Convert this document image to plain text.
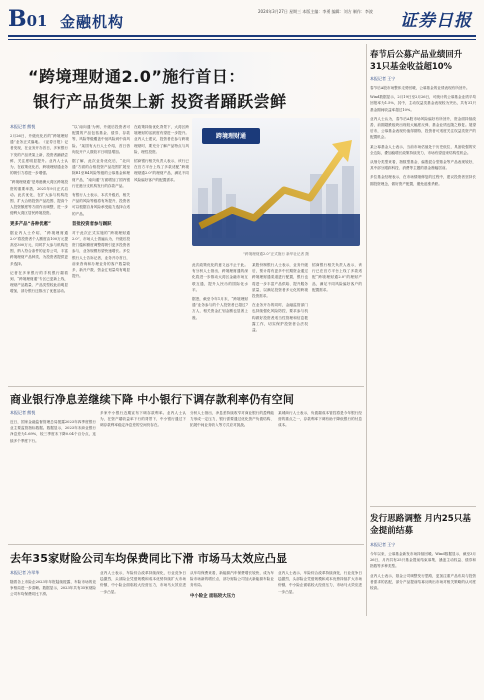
B01 金融机构
2024年3月27日 星期三 本版主编：李勇 编辑：刘方 制作：李波 证券日报
“跨境理财通2.0”施行首日：
银行产品货架上新 投资者踊跃尝鲜
本报记者 熊悦
2月26日，升级优化后的“跨境理财通”业务正式落地。《证券日报》记者发现，在业务开办首日，多家银行下发的产品货架上新，投资者踊跃尝鲜，关注度明显提升。业内人士认为，在政策优化后，跨境理财通业务的吸引力将进一步增强。
“跨境理财通”是粤港澳大湾区跨境投资的重要举措，2021年9月正式启动。此次优化，在扩大参与机构范围、扩大合格投资产品范围、提高个人投资额度等方面作出调整，进一步便利大湾区居民跨境投资。
更多产品“各种优惠”
据业内人士介绍，“跨境理财通2.0”将投资者个人额度由100万元提高至300万元，同时扩大参与机构范围，纳入符合条件的证券公司，丰富跨境理财产品种类，为投资者提供更多选择。
记者在多家银行的手机银行端看到，“跨境理财通”专区已更新上线，理财产品数量、产品类型较此前明显增加，部分银行还推出了优惠活动。
“以‘南向通’为例，升级后投资者可配置的产品包括基金、债券、存款等，风险等级覆盖中低风险到中高风险。”某国有大行人士介绍，首日咨询及开户人数较平日明显增加。
据了解，此次业务优化后，“北向通”方面的合格投资产品范围扩展至除R1至R4风险等级的公募基金和理财产品，“南向通”方面增加了国内银行在港分支机构发行的存款产品。
有银行人士表示，本次升级后，相关产品的风险等级将有所提升，投资者可以根据自身风险承受能力选择合适的产品。
首批投资者参与踊跃
对于此次正式实施的“跨境理财通2.0”，市场人士普遍认为，升级后投资门槛和额度调整将吸引更多投资者参与，业务规模有望快速增长。多位银行人士告诉记者，业务开办首日，前来咨询和办理业务的客户数量较多，新开户数、资金汇划量均有明显提升。
在政策持续优化背景下，大湾区跨境理财的活跃度有望进一步提升。业内人士建议，投资者在参与跨境理财时，要充分了解产品特点与风险，理性投资。
招商银行相关负责人表示，该行已在官方平台上线了多款适配“跨境理财通2.0”的理财产品，满足不同风险偏好客户的配置需求。
跨境理财通
“跨境理财通2.0”正式施行 新华社记者 摄
此次政策优化的意义远不止于此。有分析人士指出，跨境理财通的深化将进一步推动大湾区金融市场互联互通，提升人民币的国际化水平。
据悉，截至今年1月末，“跨境理财通”业务参与的个人投资者已超过7万人，相关资金汇划金额也显著上涨。
某股份制银行人士表示，业务升级后，预计将有更多中长期资金通过跨境理财通渠道进行配置，银行也将进一步丰富产品供给、提升服务质量，以满足投资者多元化的跨境投资需求。
在业务开办的同时，金融监管部门也持续强化风险防控，要求参与机构做好投资者适当性管理和信息披露工作，切实保护投资者合法权益。
招商银行相关负责人表示，该行已在官方平台上线了多款适配“跨境理财通2.0”的理财产品，满足不同风险偏好客户的配置需求。
春节后公募产品业绩回升 31只基金收益超10%
本报记者 王宁
春节后A股市场整体走势回暖，公募基金的业绩表现有所回升。
Wind数据显示，2月19日至2月26日，可统计的公募基金业绩平均回报率为1.5%，其中，主动权益类基金表现较为突出，共有31只基金期间收益率超过10%。
业内人士认为，春节后A股市场风险偏好有所回升，资金面持续改善，前期超跌板块出现较大幅度反弹，基金业绩也随之修复。展望后市，公募基金表现仍值得期待，投资者可适度关注权益类资产的配置机会。
某公募基金人士表示，当前市场估值处于历史低位，具备较强的安全边际，叠加稳增长政策持续发力，市场有望迎来结构性机会。
从细分类型来看，指数型基金、偏股混合型基金等产品表现较好，其中部分跟踪科技、消费等主题的基金涨幅居前。
多位基金经理表示，在市场情绪修复的过程中，建议投资者坚持长期投资理念，做好资产配置，避免追涨杀跌。
发行思路调整 月内25只基金提前结募
本报记者 王宁
今年以来，公募基金新发市场持续回暖。Wind数据显示，截至3月26日，月内共有25只基金提前结束募集，涵盖主动权益、债券和指数等多种类型。
业内人士表示，基金公司调整发行思路，更加注重产品布局与投资者需求的匹配，部分产品提前结募反映出市场对相关策略的认可度较高。
商业银行净息差继续下降 中小银行下调存款利率仍有空间
本报记者 熊悦
近日，国家金融监督管理总局披露2023年四季度银行业主要监管指标数据。数据显示，2023年末商业银行净息差为1.69%，较三季度末下降0.04个百分点，连续多个季度下行。
多家中小银行近期宣布下调存款利率。业内人士认为，在资产端收益率下行的背景下，中小银行通过下调存款利率稳定净息差的空间仍存在。
分析人士指出，净息差持续收窄对商业银行的盈利能力形成一定压力，银行需要通过优化资产负债结构、拓展中间业务收入等方式应对挑战。
某城商行人士表示，负债端成本管控将是今年银行经营的重点之一，存款利率下调有助于降低银行的付息成本。
去年35家财险公司车均保费同比下滑 市场马太效应凸显
本报记者 冷翠华
随着各上市险企2023年年报陆续披露，车险市场的竞争格局进一步清晰。数据显示，2023年共有35家财险公司车均保费同比下滑。
业内人士表示，车险综合改革持续深化，行业竞争日趋激烈，头部险企凭借规模和成本优势持续扩大市场份额，中小险企面临较大经营压力，市场马太效应进一步凸显。
从车均保费来看，新能源汽车保费增长较快，成为车险市场新的增长点，部分财险公司加大新能源车险业务布局。
中小险企 面临较大压力
业内人士表示，车险综合改革持续深化，行业竞争日趋激烈，头部险企凭借规模和成本优势持续扩大市场份额，中小险企面临较大经营压力，市场马太效应进一步凸显。
